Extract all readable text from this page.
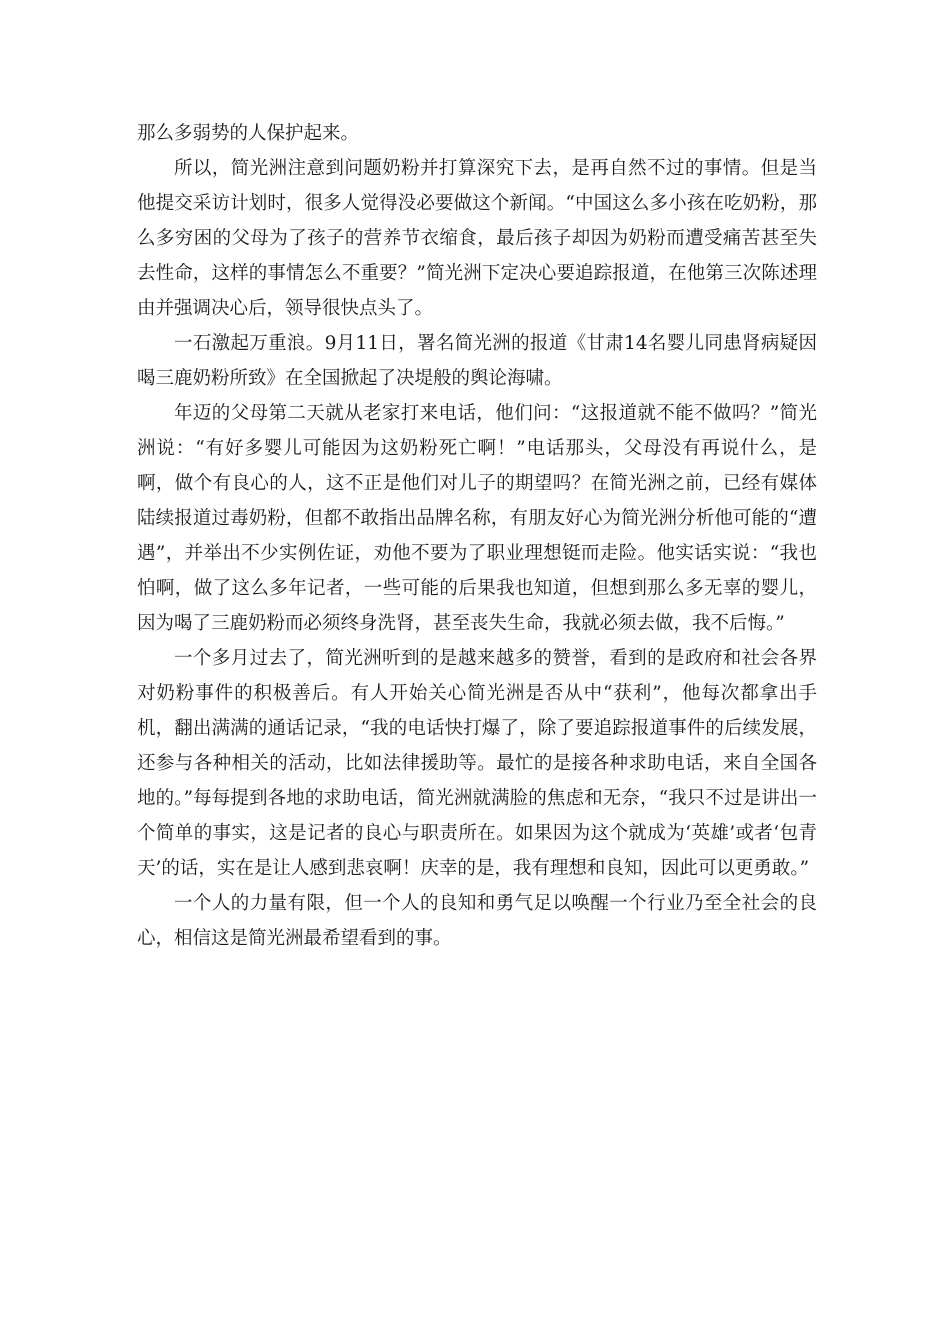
那么多弱势的人保护起来。

所以，简光洲注意到问题奶粉并打算深究下去，是再自然不过的事情。但是当他提交采访计划时，很多人觉得没必要做这个新闻。“中国这么多小孩在吃奶粉，那么多穷困的父母为了孩子的营养节衣缩食，最后孩子却因为奶粉而遭受痛苦甚至失去性命，这样的事情怎么不重要？”简光洲下定决心要追踪报道，在他第三次陈述理由并强调决心后，领导很快点头了。

一石激起万重浪。9月11日，署名简光洲的报道《甘肃14名婴儿同患肾病疑因喝三鹿奶粉所致》在全国掀起了决堤般的舆论海啸。

年迈的父母第二天就从老家打来电话，他们问：“这报道就不能不做吗？”简光洲说：“有好多婴儿可能因为这奶粉死亡啊！”电话那头，父母没有再说什么，是啊，做个有良心的人，这不正是他们对儿子的期望吗？在简光洲之前，已经有媒体陆续报道过毒奶粉，但都不敢指出品牌名称，有朋友好心为简光洲分析他可能的“遭遇”，并举出不少实例佐证，劝他不要为了职业理想铤而走险。他实话实说：“我也怕啊，做了这么多年记者，一些可能的后果我也知道，但想到那么多无辜的婴儿，因为喝了三鹿奶粉而必须终身洗肾，甚至丧失生命，我就必须去做，我不后悔。”

一个多月过去了，简光洲听到的是越来越多的赞誉，看到的是政府和社会各界对奶粉事件的积极善后。有人开始关心简光洲是否从中“获利”，他每次都拿出手机，翻出满满的通话记录，“我的电话快打爆了，除了要追踪报道事件的后续发展，还参与各种相关的活动，比如法律援助等。最忙的是接各种求助电话，来自全国各地的。”每每提到各地的求助电话，简光洲就满脸的焦虑和无奈，“我只不过是讲出一个简单的事实，这是记者的良心与职责所在。如果因为这个就成为‘英雄’或者‘包青天’的话，实在是让人感到悲哀啊！庆幸的是，我有理想和良知，因此可以更勇敢。”

一个人的力量有限，但一个人的良知和勇气足以唤醒一个行业乃至全社会的良心，相信这是简光洲最希望看到的事。
